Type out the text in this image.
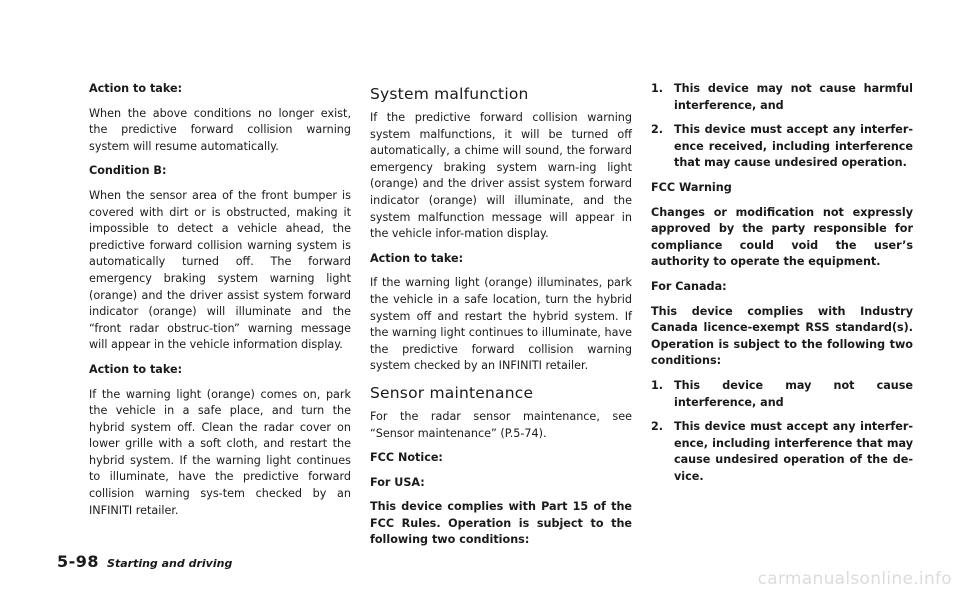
Action to take:

When the above conditions no longer exist, the predictive forward collision warning system will resume automatically.

Condition B:

When the sensor area of the front bumper is covered with dirt or is obstructed, making it impossible to detect a vehicle ahead, the predictive forward collision warning system is automatically turned off. The forward emergency braking system warning light (orange) and the driver assist system forward indicator (orange) will illuminate and the “front radar obstruc-tion” warning message will appear in the vehicle information display.

Action to take:

If the warning light (orange) comes on, park the vehicle in a safe place, and turn the hybrid system off. Clean the radar cover on lower grille with a soft cloth, and restart the hybrid system. If the warning light continues to illuminate, have the predictive forward collision warning sys-tem checked by an INFINITI retailer.

System malfunction

If the predictive forward collision warning system malfunctions, it will be turned off automatically, a chime will sound, the forward emergency braking system warn-ing light (orange) and the driver assist system forward indicator (orange) will illuminate, and the system malfunction message will appear in the vehicle infor-mation display.

Action to take:

If the warning light (orange) illuminates, park the vehicle in a safe location, turn the hybrid system off and restart the hybrid system. If the warning light continues to illuminate, have the predictive forward collision warning system checked by an INFINITI retailer.

Sensor maintenance

For the radar sensor maintenance, see “Sensor maintenance” (P.5-74).

FCC Notice:

For USA:

This device complies with Part 15 of the FCC Rules. Operation is subject to the following two conditions:

1. This device may not cause harmful interference, and
2. This device must accept any interfer-ence received, including interference that may cause undesired operation.

FCC Warning

Changes or modification not expressly approved by the party responsible for compliance could void the user’s authority to operate the equipment.

For Canada:

This device complies with Industry Canada licence-exempt RSS standard(s). Operation is subject to the following two conditions:

1. This device may not cause interference, and
2. This device must accept any interfer-ence, including interference that may cause undesired operation of the de-vice.
5-98 Starting and driving
carmanualsonline.info
